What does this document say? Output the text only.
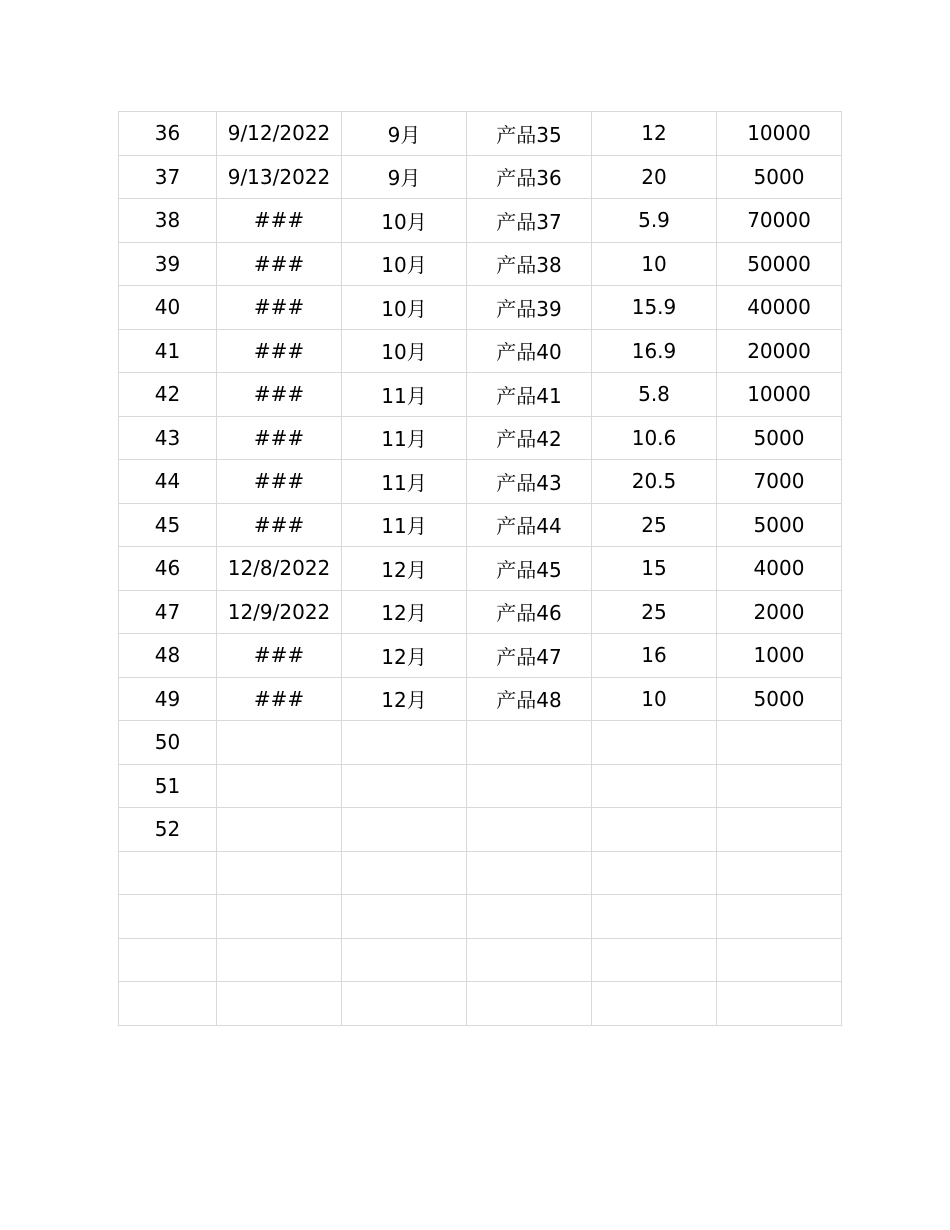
36	9/12/2022	9月	产品35	12	10000
37	9/13/2022	9月	产品36	20	5000
38	###	10月	产品37	5.9	70000
39	###	10月	产品38	10	50000
40	###	10月	产品39	15.9	40000
41	###	10月	产品40	16.9	20000
42	###	11月	产品41	5.8	10000
43	###	11月	产品42	10.6	5000
44	###	11月	产品43	20.5	7000
45	###	11月	产品44	25	5000
46	12/8/2022	12月	产品45	15	4000
47	12/9/2022	12月	产品46	25	2000
48	###	12月	产品47	16	1000
49	###	12月	产品48	10	5000
50					
51					
52					
